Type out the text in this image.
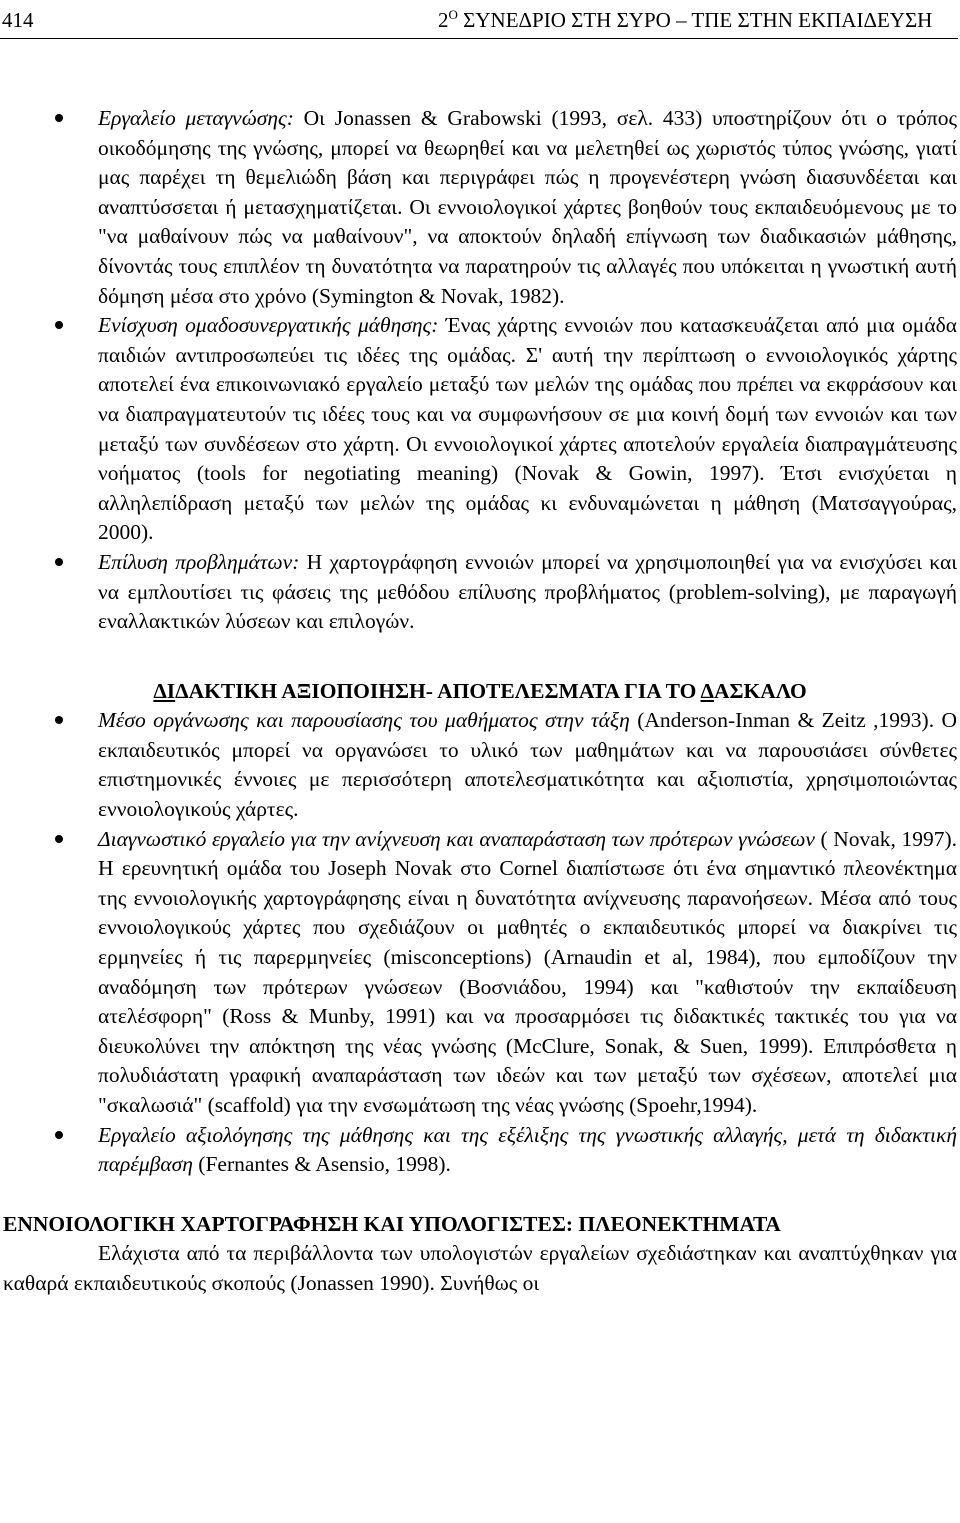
414	$2^O$ ΣΥΝΕΔΡΙΟ ΣΤΗ ΣΥΡΟ – ΤΠΕ ΣΤΗΝ ΕΚΠΑΙΔΕΥΣΗ

Εργαλείο μεταγνώσης: Οι Jonassen & Grabowski (1993, σελ. 433) υποστηρίζουν ότι ο τρόπος οικοδόμησης της γνώσης, μπορεί να θεωρηθεί και να μελετηθεί ως χωριστός τύπος γνώσης, γιατί μας παρέχει τη θεμελιώδη βάση και περιγράφει πώς η προγενέστερη γνώση διασυνδέεται και αναπτύσσεται ή μετασχηματίζεται. Οι εννοιολογικοί χάρτες βοηθούν τους εκπαιδευόμενους με το "να μαθαίνουν πώς να μαθαίνουν", να αποκτούν δηλαδή επίγνωση των διαδικασιών μάθησης, δίνοντάς τους επιπλέον τη δυνατότητα να παρατηρούν τις αλλαγές που υπόκειται η γνωστική αυτή δόμηση μέσα στο χρόνο (Symington & Novak, 1982).

Ενίσχυση ομαδοσυνεργατικής μάθησης: Ένας χάρτης εννοιών που κατασκευάζεται από μια ομάδα παιδιών αντιπροσωπεύει τις ιδέες της ομάδας. Σ' αυτή την περίπτωση ο εννοιολογικός χάρτης αποτελεί ένα επικοινωνιακό εργαλείο μεταξύ των μελών της ομάδας που πρέπει να εκφράσουν και να διαπραγματευτούν τις ιδέες τους και να συμφωνήσουν σε μια κοινή δομή των εννοιών και των μεταξύ των συνδέσεων στο χάρτη. Οι εννοιολογικοί χάρτες αποτελούν εργαλεία διαπραγμάτευσης νοήματος (tools for negotiating meaning) (Novak & Gowin, 1997). Έτσι ενισχύεται η αλληλεπίδραση μεταξύ των μελών της ομάδας κι ενδυναμώνεται η μάθηση (Ματσαγγούρας, 2000).

Επίλυση προβλημάτων: Η χαρτογράφηση εννοιών μπορεί να χρησιμοποιηθεί για να ενισχύσει και να εμπλουτίσει τις φάσεις της μεθόδου επίλυσης προβλήματος (problem-solving), με παραγωγή εναλλακτικών λύσεων και επιλογών.

ΔΙΔΑΚΤΙΚΗ ΑΞΙΟΠΟΙΗΣΗ- ΑΠΟΤΕΛΕΣΜΑΤΑ ΓΙΑ ΤΟ ΔΑΣΚΑΛΟ

Μέσο οργάνωσης και παρουσίασης του μαθήματος στην τάξη (Anderson-Inman & Zeitz ,1993). Ο εκπαιδευτικός μπορεί να οργανώσει το υλικό των μαθημάτων και να παρουσιάσει σύνθετες επιστημονικές έννοιες με περισσότερη αποτελεσματικότητα και αξιοπιστία, χρησιμοποιώντας εννοιολογικούς χάρτες.

Διαγνωστικό εργαλείο για την ανίχνευση και αναπαράσταση των πρότερων γνώσεων ( Novak, 1997). Η ερευνητική ομάδα του Joseph Novak στο Cornel διαπίστωσε ότι ένα σημαντικό πλεονέκτημα της εννοιολογικής χαρτογράφησης είναι η δυνατότητα ανίχνευσης παρανοήσεων. Μέσα από τους εννοιολογικούς χάρτες που σχεδιάζουν οι μαθητές ο εκπαιδευτικός μπορεί να διακρίνει τις ερμηνείες ή τις παρερμηνείες (misconceptions) (Arnaudin et al, 1984), που εμποδίζουν την αναδόμηση των πρότερων γνώσεων (Βοσνιάδου, 1994) και "καθιστούν την εκπαίδευση ατελέσφορη" (Ross & Munby, 1991) και να προσαρμόσει τις διδακτικές τακτικές του για να διευκολύνει την απόκτηση της νέας γνώσης (McClure, Sonak, & Suen, 1999). Επιπρόσθετα η πολυδιάστατη γραφική αναπαράσταση των ιδεών και των μεταξύ των σχέσεων, αποτελεί μια "σκαλωσιά" (scaffold) για την ενσωμάτωση της νέας γνώσης (Spoehr,1994).

Εργαλείο αξιολόγησης της μάθησης και της εξέλιξης της γνωστικής αλλαγής, μετά τη διδακτική παρέμβαση (Fernantes & Asensio, 1998).

ΕΝΝΟΙΟΛΟΓΙΚΗ ΧΑΡΤΟΓΡΑΦΗΣΗ ΚΑΙ ΥΠΟΛΟΓΙΣΤΕΣ: ΠΛΕΟΝΕΚΤΗΜΑΤΑ

Ελάχιστα από τα περιβάλλοντα των υπολογιστών εργαλείων σχεδιάστηκαν και αναπτύχθηκαν για καθαρά εκπαιδευτικούς σκοπούς (Jonassen 1990). Συνήθως οι
